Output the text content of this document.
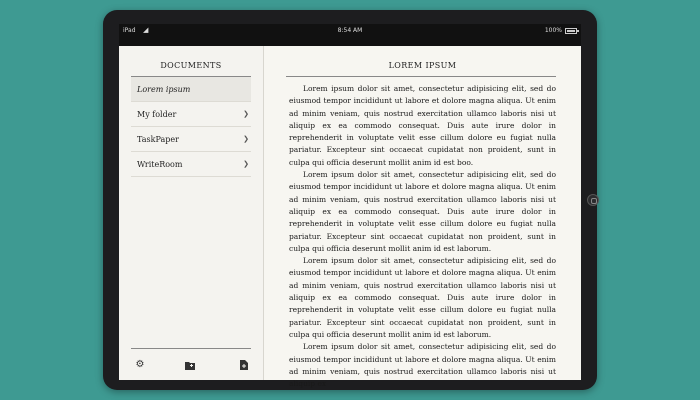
iPad ◢	8:54 AM	100%
DOCUMENTS
Lorem ipsum
My folder	❯
TaskPaper	❯
WriteRoom	❯
⚙
LOREM IPSUM

Lorem ipsum dolor sit amet, consectetur adipisicing elit, sed do eiusmod tempor incididunt ut labore et dolore magna aliqua. Ut enim ad minim veniam, quis nostrud exercitation ullamco laboris nisi ut aliquip ex ea commodo consequat. Duis aute irure dolor in reprehenderit in voluptate velit esse cillum dolore eu fugiat nulla pariatur. Excepteur sint occaecat cupidatat non proident, sunt in culpa qui officia deserunt mollit anim id est boo.

Lorem ipsum dolor sit amet, consectetur adipisicing elit, sed do eiusmod tempor incididunt ut labore et dolore magna aliqua. Ut enim ad minim veniam, quis nostrud exercitation ullamco laboris nisi ut aliquip ex ea commodo consequat. Duis aute irure dolor in reprehenderit in voluptate velit esse cillum dolore eu fugiat nulla pariatur. Excepteur sint occaecat cupidatat non proident, sunt in culpa qui officia deserunt mollit anim id est laborum.

Lorem ipsum dolor sit amet, consectetur adipisicing elit, sed do eiusmod tempor incididunt ut labore et dolore magna aliqua. Ut enim ad minim veniam, quis nostrud exercitation ullamco laboris nisi ut aliquip ex ea commodo consequat. Duis aute irure dolor in reprehenderit in voluptate velit esse cillum dolore eu fugiat nulla pariatur. Excepteur sint occaecat cupidatat non proident, sunt in culpa qui officia deserunt mollit anim id est laborum.

Lorem ipsum dolor sit amet, consectetur adipisicing elit, sed do eiusmod tempor incididunt ut labore et dolore magna aliqua. Ut enim ad minim veniam, quis nostrud exercitation ullamco laboris nisi ut aliquip ex
